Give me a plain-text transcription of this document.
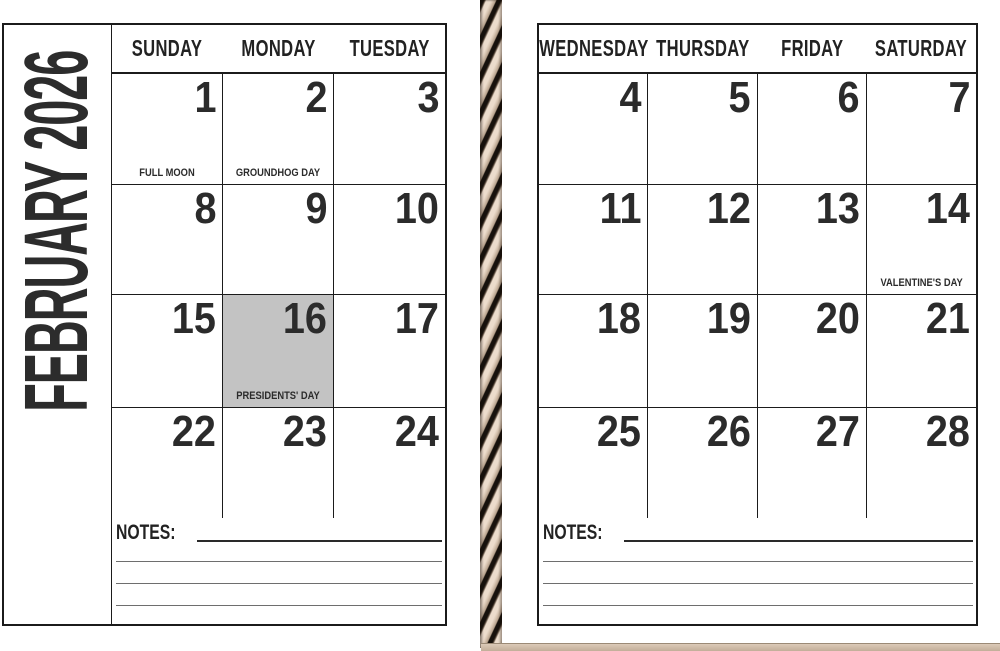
FEBRUARY 2026
SUNDAY MONDAY TUESDAY
1
FULL MOON
2
GROUNDHOG DAY
3
8 9 10
15 16
PRESIDENTS' DAY
17
22 23 24
NOTES:
WEDNESDAY THURSDAY FRIDAY SATURDAY
4 5 6 7
11 12 13 14
VALENTINE'S DAY
18 19 20 21
25 26 27 28
NOTES:
